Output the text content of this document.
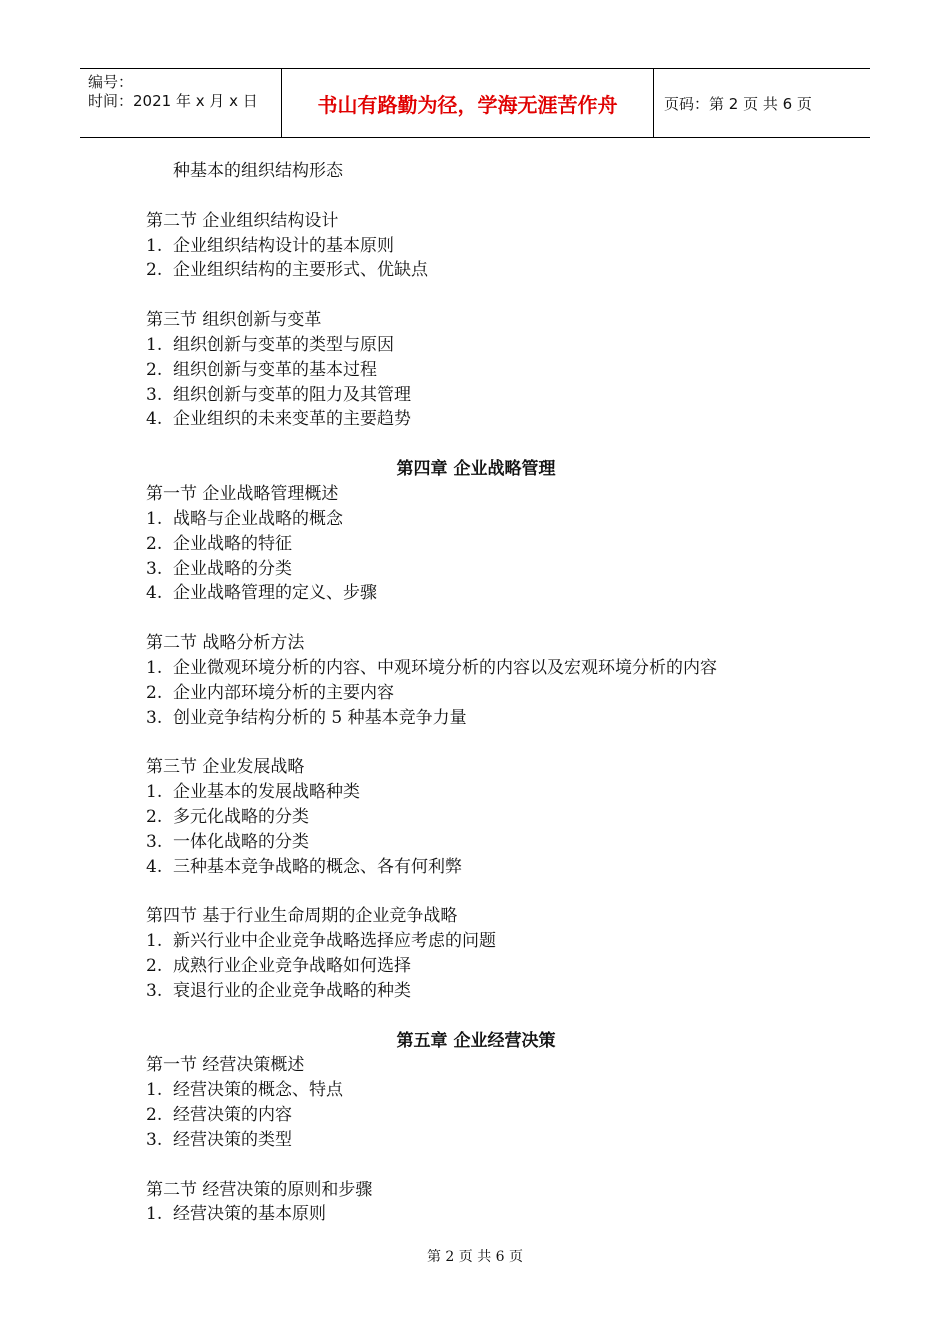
编号：
时间：2021 年 x 月 x 日	书山有路勤为径，学海无涯苦作舟	页码：第 2 页 共 6 页
种基本的组织结构形态
第二节 企业组织结构设计
1. 企业组织结构设计的基本原则
2. 企业组织结构的主要形式、优缺点
第三节 组织创新与变革
1. 组织创新与变革的类型与原因
2. 组织创新与变革的基本过程
3. 组织创新与变革的阻力及其管理
4. 企业组织的未来变革的主要趋势
第四章 企业战略管理
第一节 企业战略管理概述
1. 战略与企业战略的概念
2. 企业战略的特征
3. 企业战略的分类
4. 企业战略管理的定义、步骤
第二节 战略分析方法
1. 企业微观环境分析的内容、中观环境分析的内容以及宏观环境分析的内容
2. 企业内部环境分析的主要内容
3. 创业竞争结构分析的 5 种基本竞争力量
第三节 企业发展战略
1. 企业基本的发展战略种类
2. 多元化战略的分类
3. 一体化战略的分类
4. 三种基本竞争战略的概念、各有何利弊
第四节 基于行业生命周期的企业竞争战略
1. 新兴行业中企业竞争战略选择应考虑的问题
2. 成熟行业企业竞争战略如何选择
3. 衰退行业的企业竞争战略的种类
第五章 企业经营决策
第一节 经营决策概述
1. 经营决策的概念、特点
2. 经营决策的内容
3. 经营决策的类型
第二节 经营决策的原则和步骤
1. 经营决策的基本原则
第 2 页 共 6 页
